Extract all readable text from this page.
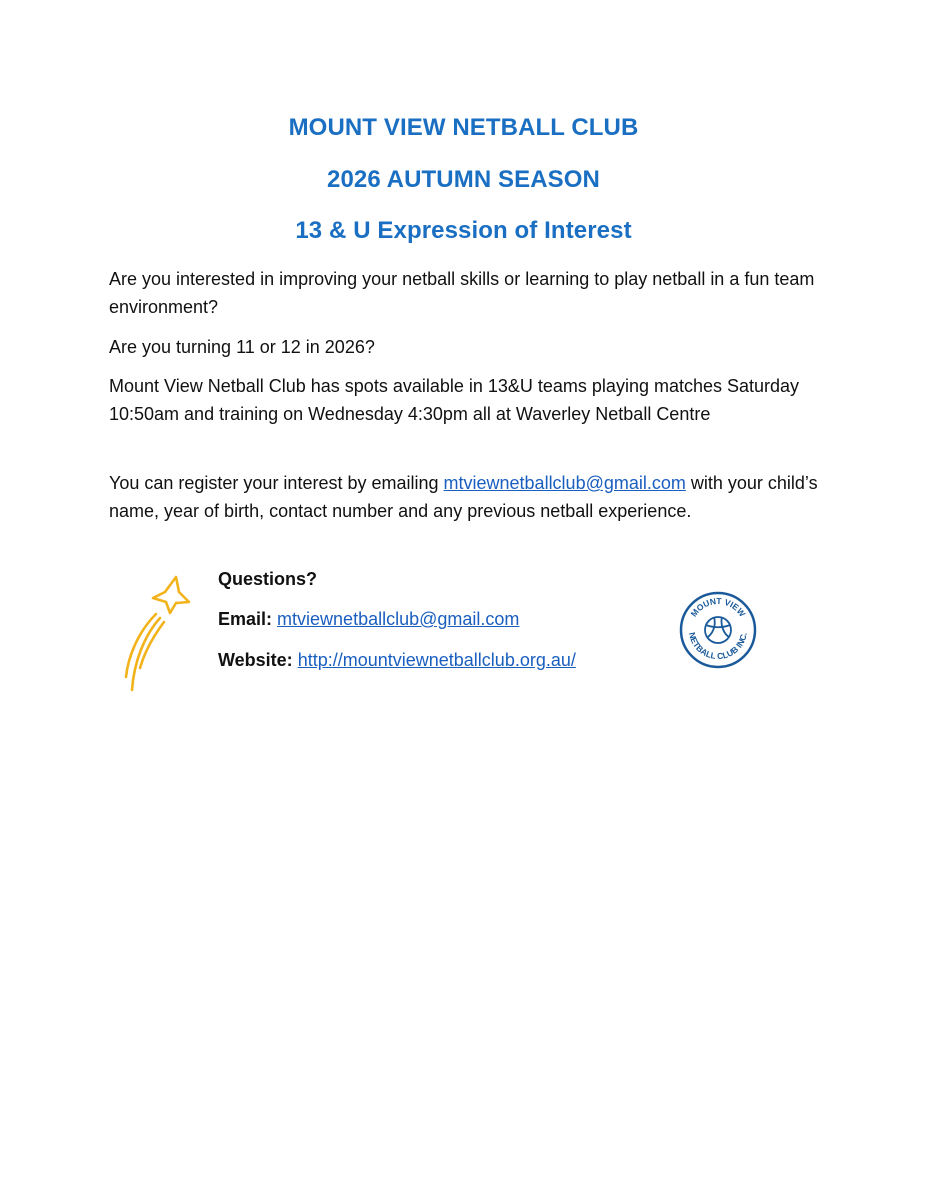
MOUNT VIEW NETBALL CLUB
2026 AUTUMN SEASON
13 & U Expression of Interest

Are you interested in improving your netball skills or learning to play netball in a fun team environment?

Are you turning 11 or 12 in 2026?

Mount View Netball Club has spots available in 13&U teams playing matches Saturday 10:50am and training on Wednesday 4:30pm all at Waverley Netball Centre

You can register your interest by emailing mtviewnetballclub@gmail.com with your child’s name, year of birth, contact number and any previous netball experience.

Questions?

Email: mtviewnetballclub@gmail.com

Website: http://mountviewnetballclub.org.au/

MOUNT VIEW
NETBALL CLUB INC.
